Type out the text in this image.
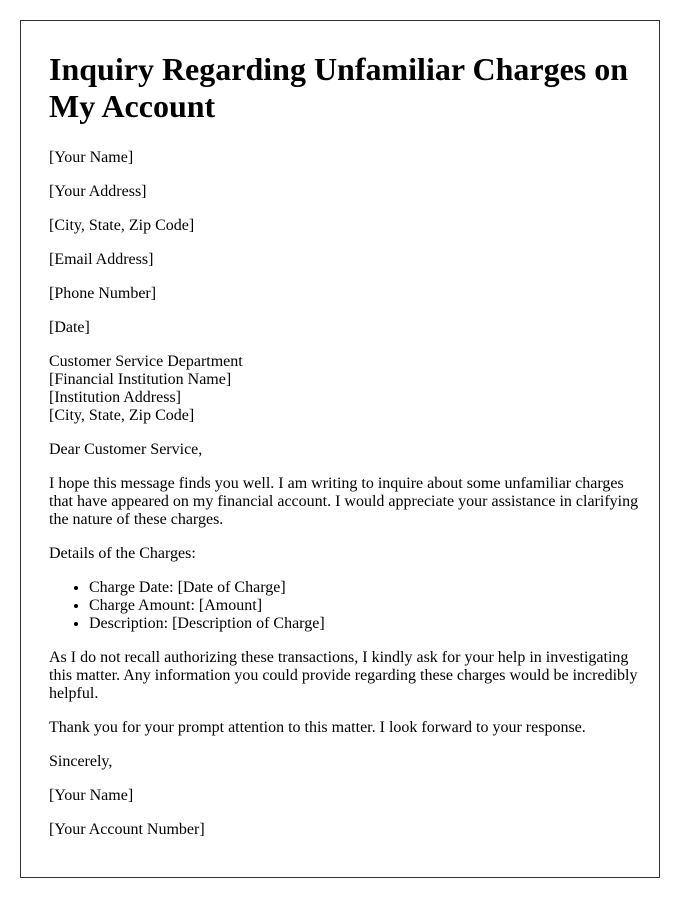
Inquiry Regarding Unfamiliar Charges on My Account

[Your Name]

[Your Address]

[City, State, Zip Code]

[Email Address]

[Phone Number]

[Date]

Customer Service Department
[Financial Institution Name]
[Institution Address]
[City, State, Zip Code]

Dear Customer Service,

I hope this message finds you well. I am writing to inquire about some unfamiliar charges that have appeared on my financial account. I would appreciate your assistance in clarifying the nature of these charges.

Details of the Charges:

• Charge Date: [Date of Charge]
• Charge Amount: [Amount]
• Description: [Description of Charge]

As I do not recall authorizing these transactions, I kindly ask for your help in investigating this matter. Any information you could provide regarding these charges would be incredibly helpful.

Thank you for your prompt attention to this matter. I look forward to your response.

Sincerely,

[Your Name]

[Your Account Number]
